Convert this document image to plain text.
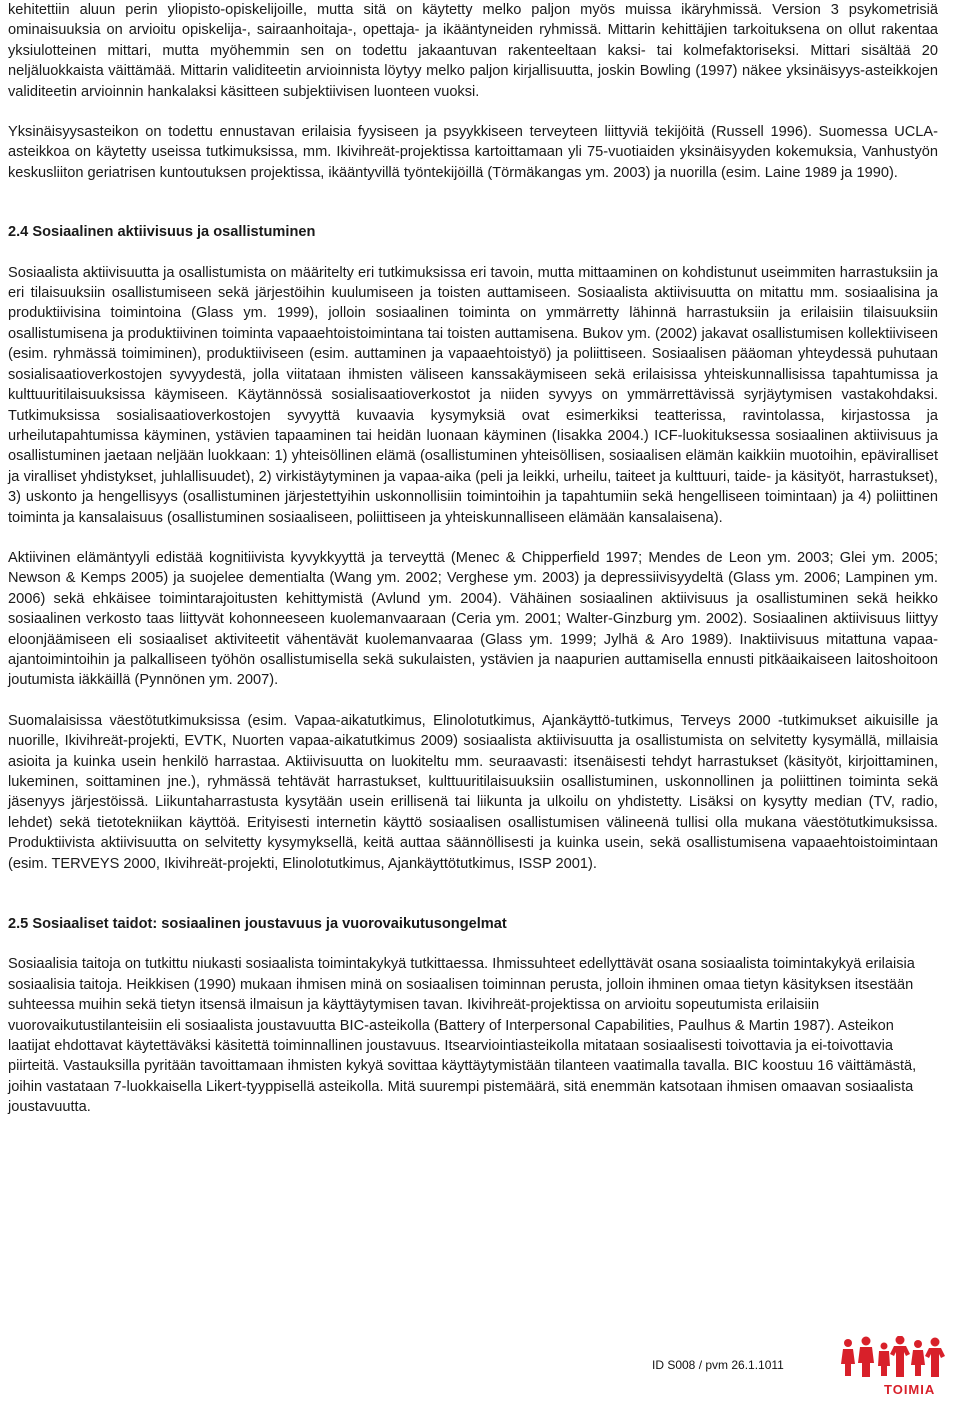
kehitettiin aluun perin yliopisto-opiskelijoille, mutta sitä on käytetty melko paljon myös muissa ikäryhmissä. Version 3 psykometrisiä ominaisuuksia on arvioitu opiskelija-, sairaanhoitaja-, opettaja- ja ikääntyneiden ryhmissä. Mittarin kehittäjien tarkoituksena on ollut rakentaa yksiulotteinen mittari, mutta myöhemmin sen on todettu jakaantuvan rakenteeltaan kaksi- tai kolmefaktoriseksi. Mittari sisältää 20 neljäluokkaista väittämää. Mittarin validiteetin arvioinnista löytyy melko paljon kirjallisuutta, joskin Bowling (1997) näkee yksinäisyys-asteikkojen validiteetin arvioinnin hankalaksi käsitteen subjektiivisen luonteen vuoksi.

Yksinäisyysasteikon on todettu ennustavan erilaisia fyysiseen ja psyykkiseen terveyteen liittyviä tekijöitä (Russell 1996). Suomessa UCLA-asteikkoa on käytetty useissa tutkimuksissa, mm. Ikivihreät-projektissa kartoittamaan yli 75-vuotiaiden yksinäisyyden kokemuksia, Vanhustyön keskusliiton geriatrisen kuntoutuksen projektissa, ikääntyvillä työntekijöillä (Törmäkangas ym. 2003) ja nuorilla (esim. Laine 1989 ja 1990).

2.4 Sosiaalinen aktiivisuus ja osallistuminen

Sosiaalista aktiivisuutta ja osallistumista on määritelty eri tutkimuksissa eri tavoin, mutta mittaaminen on kohdistunut useimmiten harrastuksiin ja eri tilaisuuksiin osallistumiseen sekä järjestöihin kuulumiseen ja toisten auttamiseen. Sosiaalista aktiivisuutta on mitattu mm. sosiaalisina ja produktiivisina toimintoina (Glass ym. 1999), jolloin sosiaalinen toiminta on ymmärretty lähinnä harrastuksiin ja erilaisiin tilaisuuksiin osallistumisena ja produktiivinen toiminta vapaaehtoistoimintana tai toisten auttamisena. Bukov ym. (2002) jakavat osallistumisen kollektiiviseen (esim. ryhmässä toimiminen), produktiiviseen (esim. auttaminen ja vapaaehtoistyö) ja poliittiseen. Sosiaalisen pääoman yhteydessä puhutaan sosialisaatioverkostojen syvyydestä, jolla viitataan ihmisten väliseen kanssakäymiseen sekä erilaisissa yhteiskunnallisissa tapahtumissa ja kulttuuritilaisuuksissa käymiseen. Käytännössä sosialisaatioverkostot ja niiden syvyys on ymmärrettävissä syrjäytymisen vastakohdaksi. Tutkimuksissa sosialisaatioverkostojen syvyyttä kuvaavia kysymyksiä ovat esimerkiksi teatterissa, ravintolassa, kirjastossa ja urheilutapahtumissa käyminen, ystävien tapaaminen tai heidän luonaan käyminen (Iisakka 2004.) ICF-luokituksessa sosiaalinen aktiivisuus ja osallistuminen jaetaan neljään luokkaan: 1) yhteisöllinen elämä (osallistuminen yhteisöllisen, sosiaalisen elämän kaikkiin muotoihin, epäviralliset ja viralliset yhdistykset, juhlallisuudet), 2) virkistäytyminen ja vapaa-aika (peli ja leikki, urheilu, taiteet ja kulttuuri, taide- ja käsityöt, harrastukset), 3) uskonto ja hengellisyys (osallistuminen järjestettyihin uskonnollisiin toimintoihin ja tapahtumiin sekä hengelliseen toimintaan) ja 4) poliittinen toiminta ja kansalaisuus (osallistuminen sosiaaliseen, poliittiseen ja yhteiskunnalliseen elämään kansalaisena).

Aktiivinen elämäntyyli edistää kognitiivista kyvykkyyttä ja terveyttä (Menec & Chipperfield 1997; Mendes de Leon ym. 2003; Glei ym. 2005; Newson & Kemps 2005) ja suojelee dementialta (Wang ym. 2002; Verghese ym. 2003) ja depressiivisyydeltä (Glass ym. 2006; Lampinen ym. 2006) sekä ehkäisee toimintarajoitusten kehittymistä (Avlund ym. 2004). Vähäinen sosiaalinen aktiivisuus ja osallistuminen sekä heikko sosiaalinen verkosto taas liittyvät kohonneeseen kuolemanvaaraan (Ceria ym. 2001; Walter-Ginzburg ym. 2002). Sosiaalinen aktiivisuus liittyy eloonjäämiseen eli sosiaaliset aktiviteetit vähentävät kuolemanvaaraa (Glass ym. 1999; Jylhä & Aro 1989). Inaktiivisuus mitattuna vapaa-ajantoimintoihin ja palkalliseen työhön osallistumisella sekä sukulaisten, ystävien ja naapurien auttamisella ennusti pitkäaikaiseen laitoshoitoon joutumista iäkkäillä (Pynnönen ym. 2007).

Suomalaisissa väestötutkimuksissa (esim. Vapaa-aikatutkimus, Elinolotutkimus, Ajankäyttö-tutkimus, Terveys 2000 -tutkimukset aikuisille ja nuorille, Ikivihreät-projekti, EVTK, Nuorten vapaa-aikatutkimus 2009) sosiaalista aktiivisuutta ja osallistumista on selvitetty kysymällä, millaisia asioita ja kuinka usein henkilö harrastaa. Aktiivisuutta on luokiteltu mm. seuraavasti: itsenäisesti tehdyt harrastukset (käsityöt, kirjoittaminen, lukeminen, soittaminen jne.), ryhmässä tehtävät harrastukset, kulttuuritilaisuuksiin osallistuminen, uskonnollinen ja poliittinen toiminta sekä jäsenyys järjestöissä. Liikuntaharrastusta kysytään usein erillisenä tai liikunta ja ulkoilu on yhdistetty. Lisäksi on kysytty median (TV, radio, lehdet) sekä tietotekniikan käyttöä. Erityisesti internetin käyttö sosiaalisen osallistumisen välineenä tullisi olla mukana väestötutkimuksissa. Produktiivista aktiivisuutta on selvitetty kysymyksellä, keitä auttaa säännöllisesti ja kuinka usein, sekä osallistumisena vapaaehtoistoimintaan (esim. TERVEYS 2000, Ikivihreät-projekti, Elinolotutkimus, Ajankäyttötutkimus, ISSP 2001).

2.5 Sosiaaliset taidot: sosiaalinen joustavuus ja vuorovaikutusongelmat

Sosiaalisia taitoja on tutkittu niukasti sosiaalista toimintakykyä tutkittaessa. Ihmissuhteet edellyttävät osana sosiaalista toimintakykyä erilaisia sosiaalisia taitoja. Heikkisen (1990) mukaan ihmisen minä on sosiaalisen toiminnan perusta, jolloin ihminen omaa tietyn käsityksen itsestään suhteessa muihin sekä tietyn itsensä ilmaisun ja käyttäytymisen tavan. Ikivihreät-projektissa on arvioitu sopeutumista erilaisiin vuorovaikutustilanteisiin eli sosiaalista joustavuutta BIC-asteikolla (Battery of Interpersonal Capabilities, Paulhus & Martin 1987). Asteikon laatijat ehdottavat käytettäväksi käsitettä toiminnallinen joustavuus. Itsearviointiasteikolla mitataan sosiaalisesti toivottavia ja ei-toivottavia piirteitä. Vastauksilla pyritään tavoittamaan ihmisten kykyä sovittaa käyttäytymistään tilanteen vaatimalla tavalla. BIC koostuu 16 väittämästä, joihin vastataan 7-luokkaisella Likert-tyyppisellä asteikolla. Mitä suurempi pistemäärä, sitä enemmän katsotaan ihmisen omaavan sosiaalista joustavuutta.

ID S008 / pvm 26.1.1011
TOIMIA
